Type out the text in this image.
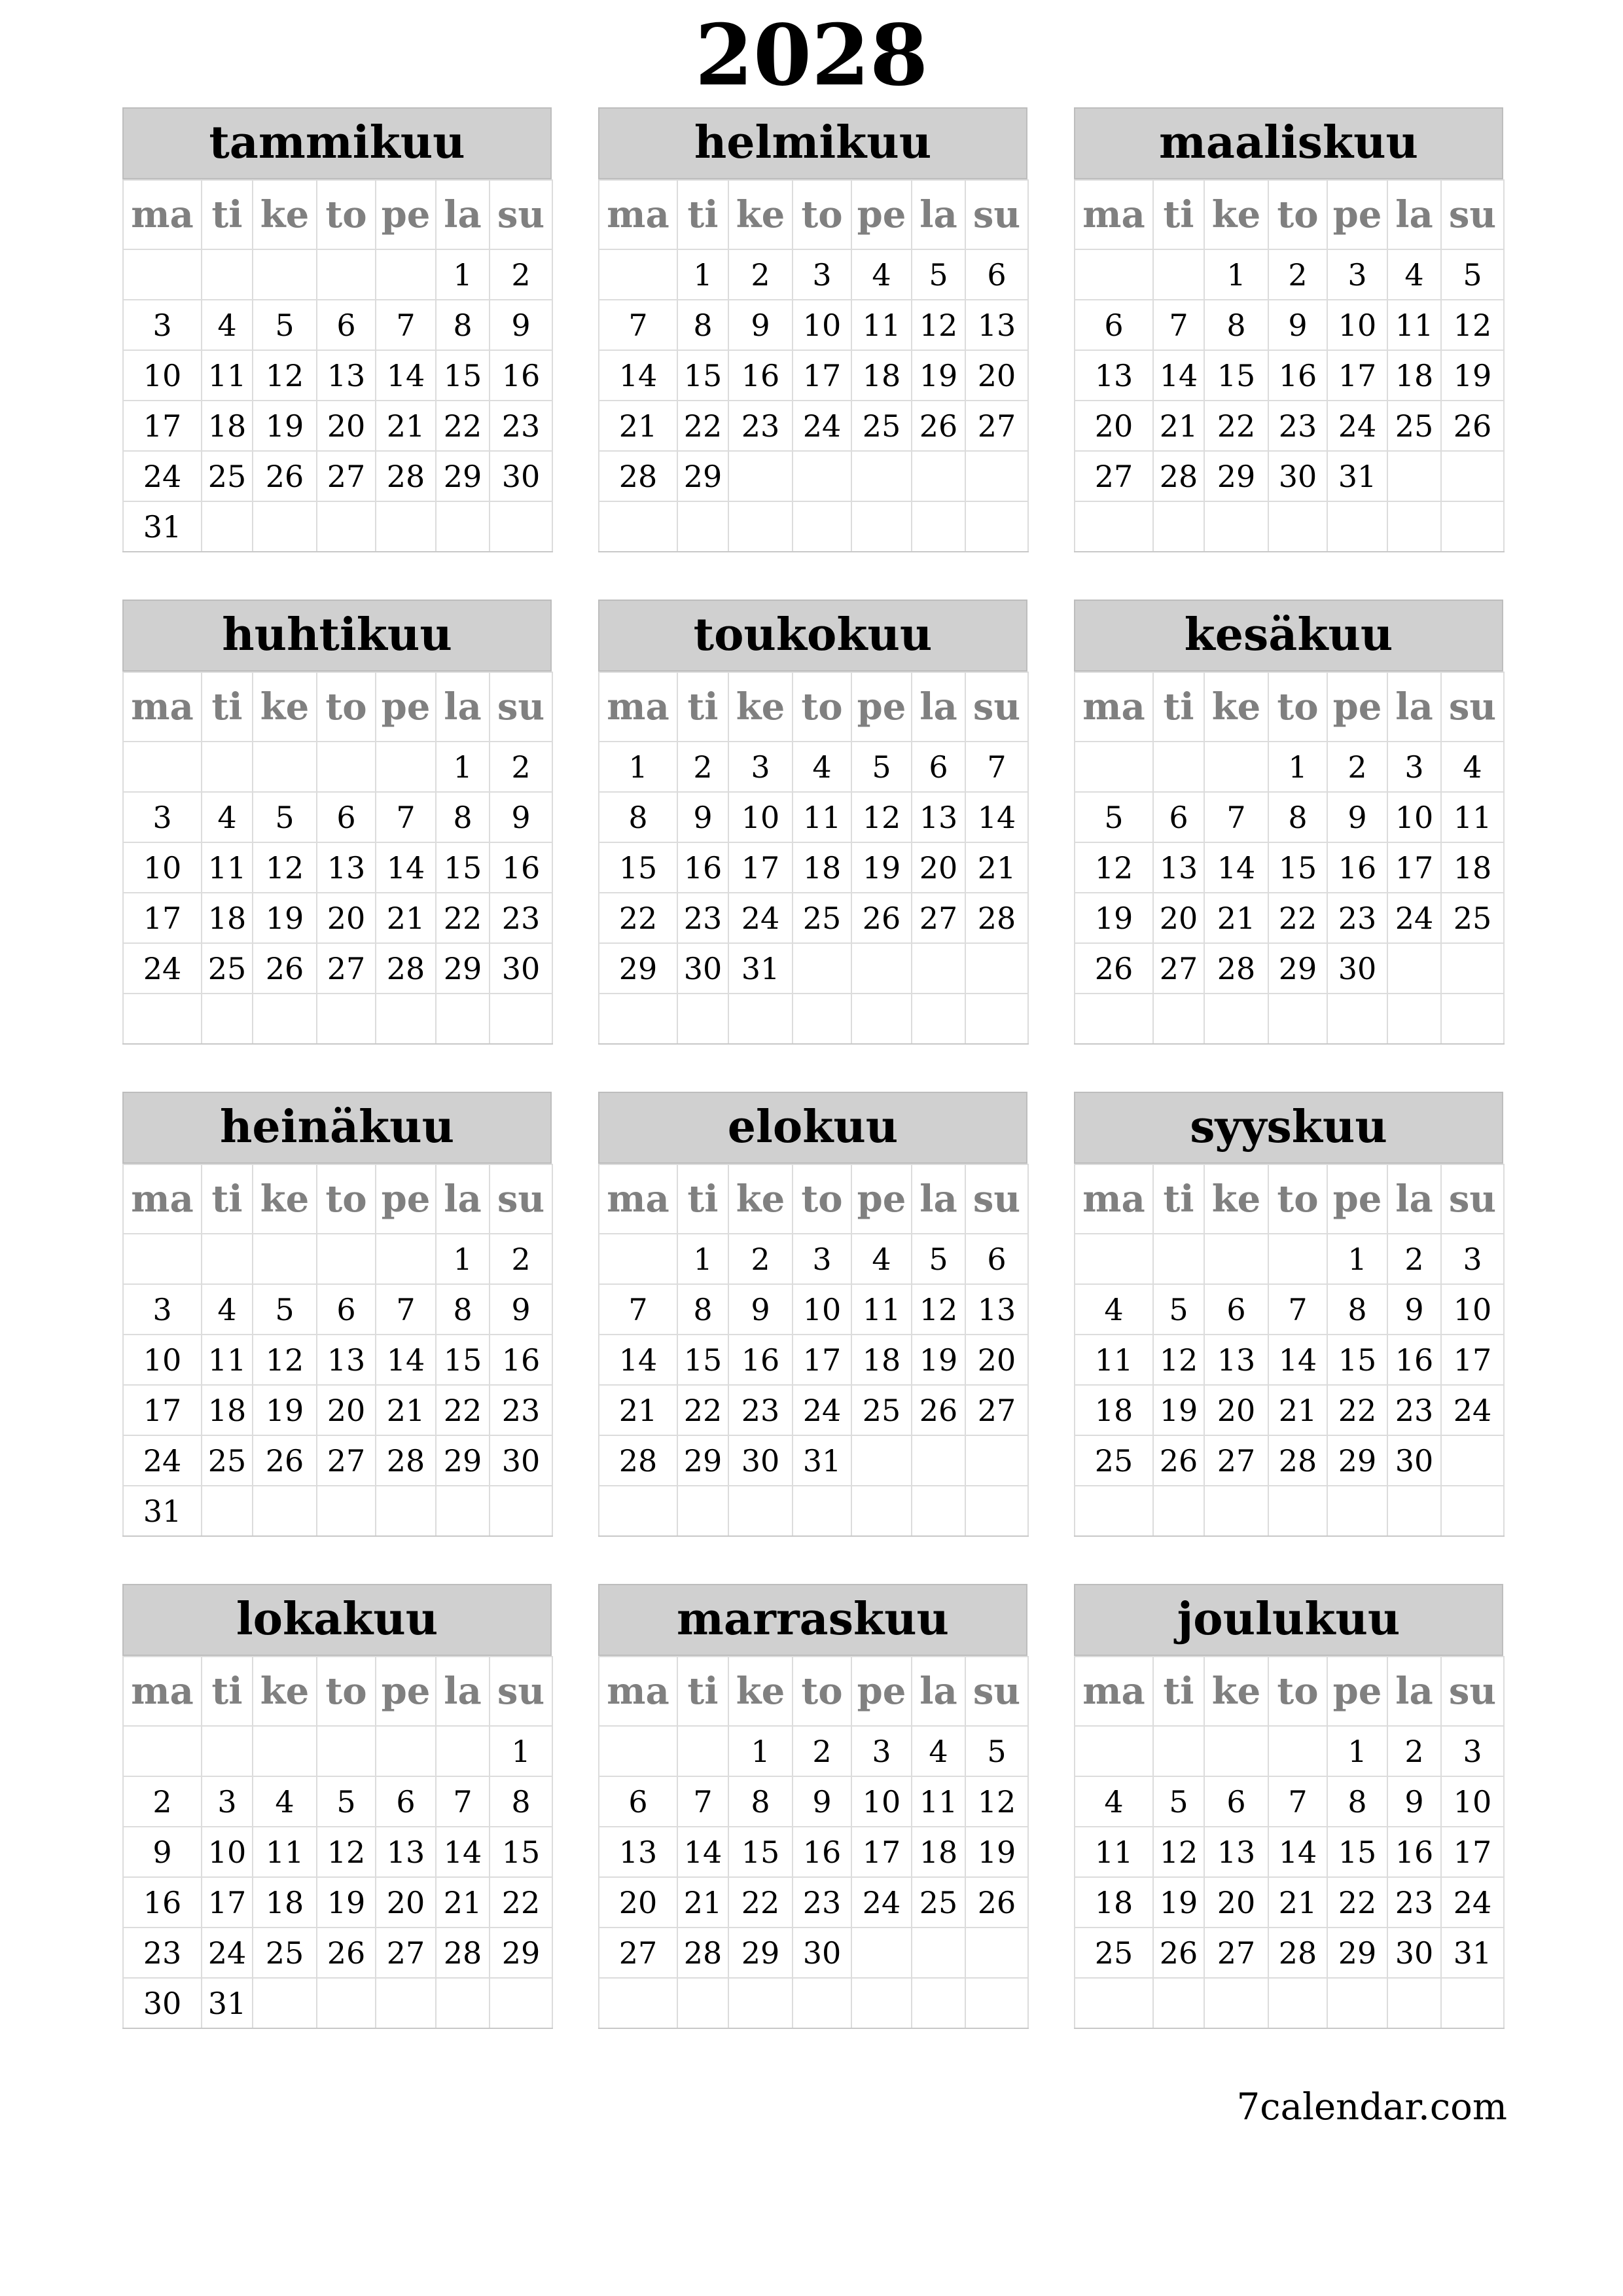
2028
tammikuu
ma	ti	ke	to	pe	la	su
					1	2
3	4	5	6	7	8	9
10	11	12	13	14	15	16
17	18	19	20	21	22	23
24	25	26	27	28	29	30
31						
helmikuu
ma	ti	ke	to	pe	la	su
	1	2	3	4	5	6
7	8	9	10	11	12	13
14	15	16	17	18	19	20
21	22	23	24	25	26	27
28	29					

maaliskuu
ma	ti	ke	to	pe	la	su
		1	2	3	4	5
6	7	8	9	10	11	12
13	14	15	16	17	18	19
20	21	22	23	24	25	26
27	28	29	30	31		

huhtikuu
ma	ti	ke	to	pe	la	su
					1	2
3	4	5	6	7	8	9
10	11	12	13	14	15	16
17	18	19	20	21	22	23
24	25	26	27	28	29	30

toukokuu
ma	ti	ke	to	pe	la	su
1	2	3	4	5	6	7
8	9	10	11	12	13	14
15	16	17	18	19	20	21
22	23	24	25	26	27	28
29	30	31				

kesäkuu
ma	ti	ke	to	pe	la	su
			1	2	3	4
5	6	7	8	9	10	11
12	13	14	15	16	17	18
19	20	21	22	23	24	25
26	27	28	29	30		

heinäkuu
ma	ti	ke	to	pe	la	su
					1	2
3	4	5	6	7	8	9
10	11	12	13	14	15	16
17	18	19	20	21	22	23
24	25	26	27	28	29	30
31						
elokuu
ma	ti	ke	to	pe	la	su
	1	2	3	4	5	6
7	8	9	10	11	12	13
14	15	16	17	18	19	20
21	22	23	24	25	26	27
28	29	30	31			

syyskuu
ma	ti	ke	to	pe	la	su
				1	2	3
4	5	6	7	8	9	10
11	12	13	14	15	16	17
18	19	20	21	22	23	24
25	26	27	28	29	30	

lokakuu
ma	ti	ke	to	pe	la	su
						1
2	3	4	5	6	7	8
9	10	11	12	13	14	15
16	17	18	19	20	21	22
23	24	25	26	27	28	29
30	31					
marraskuu
ma	ti	ke	to	pe	la	su
		1	2	3	4	5
6	7	8	9	10	11	12
13	14	15	16	17	18	19
20	21	22	23	24	25	26
27	28	29	30			

joulukuu
ma	ti	ke	to	pe	la	su
				1	2	3
4	5	6	7	8	9	10
11	12	13	14	15	16	17
18	19	20	21	22	23	24
25	26	27	28	29	30	31

7calendar.com
